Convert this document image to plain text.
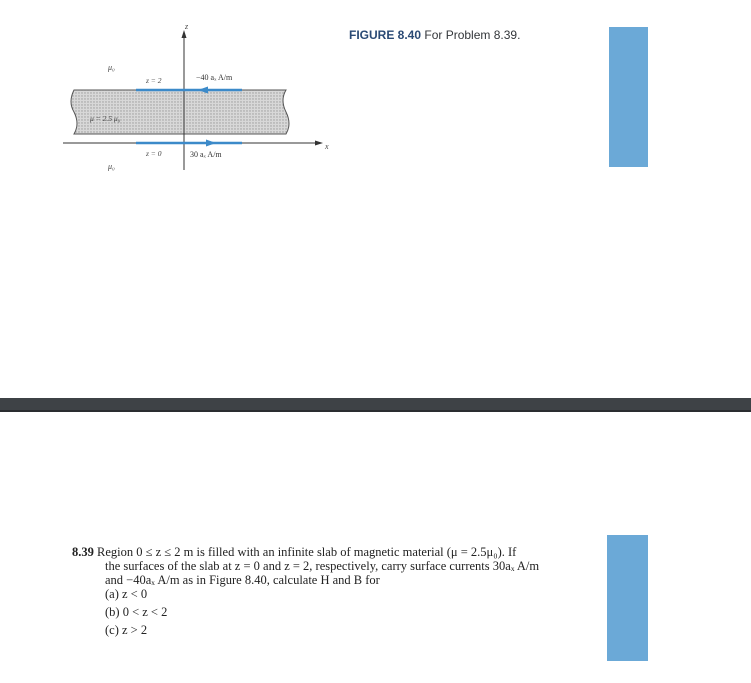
z
x
μ₀
z = 2	−40 aₓ A/m
μ = 2.5 μ₀
z = 0	30 aₓ A/m
μ₀
FIGURE 8.40 For Problem 8.39.
8.39 Region 0 ≤ z ≤ 2 m is filled with an infinite slab of magnetic material (μ = 2.5μ₀). If
the surfaces of the slab at z = 0 and z = 2, respectively, carry surface currents 30aₓ A/m
and −40aₓ A/m as in Figure 8.40, calculate H and B for
(a) z < 0
(b) 0 < z < 2
(c) z > 2
